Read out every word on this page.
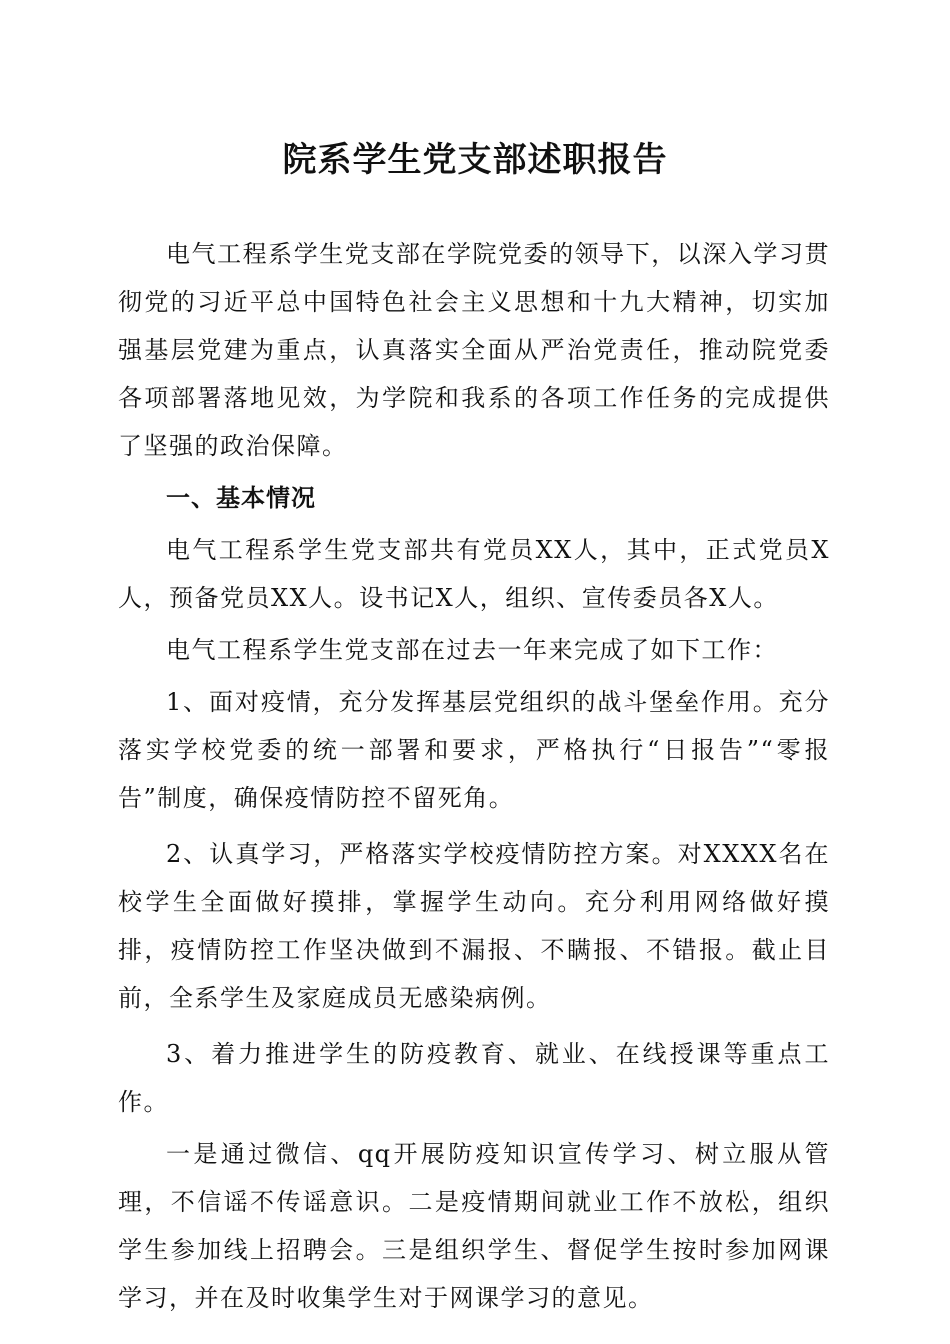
院系学生党支部述职报告

电气工程系学生党支部在学院党委的领导下，以深入学习贯彻党的习近平总中国特色社会主义思想和十九大精神，切实加强基层党建为重点，认真落实全面从严治党责任，推动院党委各项部署落地见效，为学院和我系的各项工作任务的完成提供了坚强的政治保障。

一、基本情况

电气工程系学生党支部共有党员XX人，其中，正式党员X人，预备党员XX人。设书记X人，组织、宣传委员各X人。

电气工程系学生党支部在过去一年来完成了如下工作：

1、面对疫情，充分发挥基层党组织的战斗堡垒作用。充分落实学校党委的统一部署和要求，严格执行“日报告”“零报告”制度，确保疫情防控不留死角。

2、认真学习，严格落实学校疫情防控方案。对XXXX名在校学生全面做好摸排，掌握学生动向。充分利用网络做好摸排，疫情防控工作坚决做到不漏报、不瞒报、不错报。截止目前，全系学生及家庭成员无感染病例。

3、着力推进学生的防疫教育、就业、在线授课等重点工作。

一是通过微信、qq开展防疫知识宣传学习、树立服从管理，不信谣不传谣意识。二是疫情期间就业工作不放松，组织学生参加线上招聘会。三是组织学生、督促学生按时参加网课学习，并在及时收集学生对于网课学习的意见。
